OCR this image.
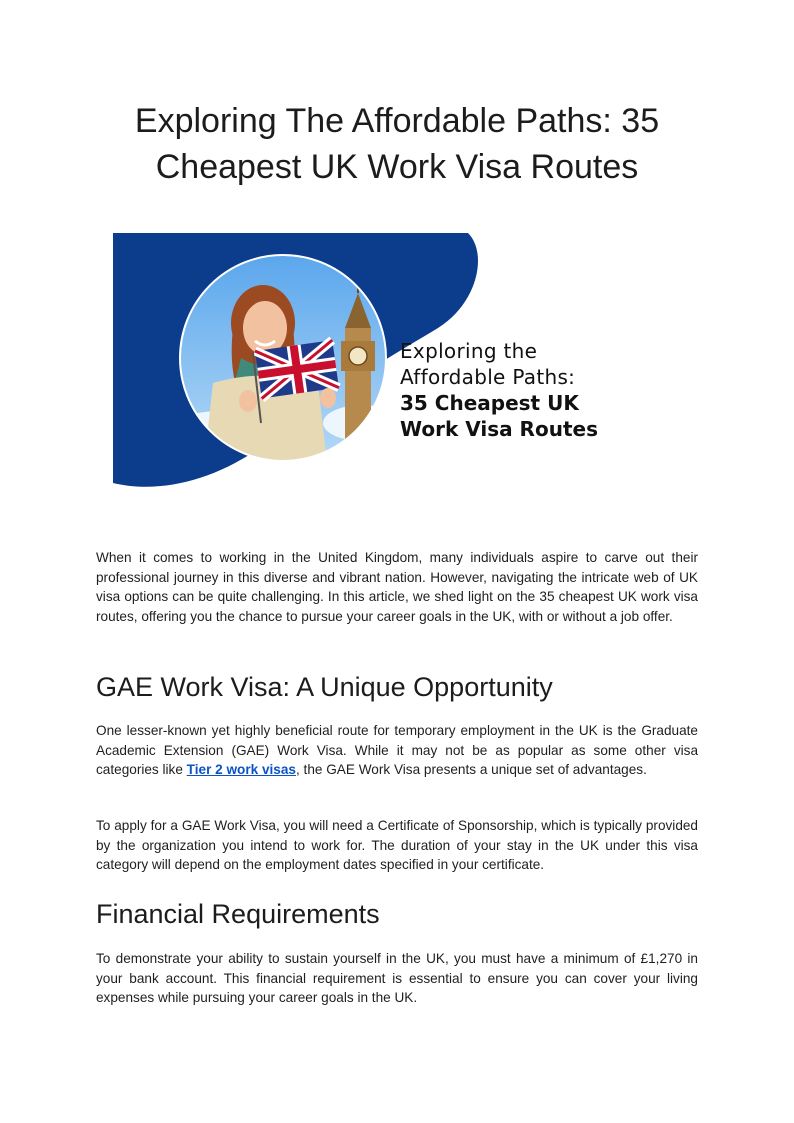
Exploring The Affordable Paths: 35 Cheapest UK Work Visa Routes
Exploring the
Affordable Paths:
35 Cheapest UK
Work Visa Routes

When it comes to working in the United Kingdom, many individuals aspire to carve out their professional journey in this diverse and vibrant nation. However, navigating the intricate web of UK visa options can be quite challenging. In this article, we shed light on the 35 cheapest UK work visa routes, offering you the chance to pursue your career goals in the UK, with or without a job offer.

GAE Work Visa: A Unique Opportunity

One lesser-known yet highly beneficial route for temporary employment in the UK is the Graduate Academic Extension (GAE) Work Visa. While it may not be as popular as some other visa categories like Tier 2 work visas, the GAE Work Visa presents a unique set of advantages.

To apply for a GAE Work Visa, you will need a Certificate of Sponsorship, which is typically provided by the organization you intend to work for. The duration of your stay in the UK under this visa category will depend on the employment dates specified in your certificate.

Financial Requirements

To demonstrate your ability to sustain yourself in the UK, you must have a minimum of £1,270 in your bank account. This financial requirement is essential to ensure you can cover your living expenses while pursuing your career goals in the UK.
